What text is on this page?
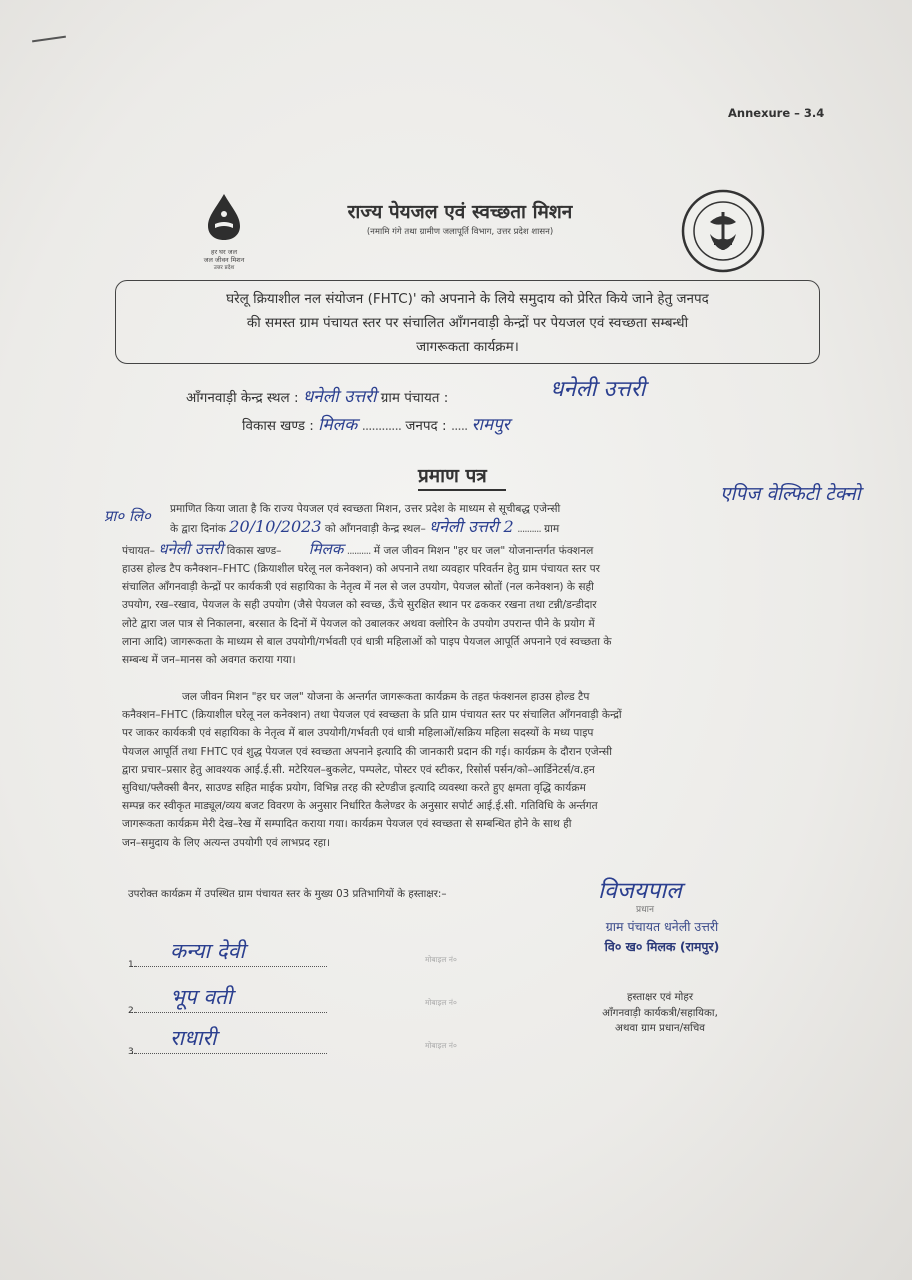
Annexure – 3.4
हर घर जल
जल जीवन मिशन
उत्तर प्रदेश
राज्य पेयजल एवं स्वच्छता मिशन
(नमामि गंगे तथा ग्रामीण जलापूर्ति विभाग, उत्तर प्रदेश शासन)
घरेलू क्रियाशील नल संयोजन (FHTC)' को अपनाने के लिये समुदाय को प्रेरित किये जाने हेतु जनपद
की समस्त ग्राम पंचायत स्तर पर संचालित आँगनवाड़ी केन्द्रों पर पेयजल एवं स्वच्छता सम्बन्धी
जागरूकता कार्यक्रम।
आँगनवाड़ी केन्द्र स्थल : धनेली उत्तरी ग्राम पंचायत :	धनेली उत्तरी
विकास खण्ड : मिलक ............ जनपद : ..... रामपुर
प्रमाण पत्र
एपिज वेल्फिटी टेक्नो
प्रा० लि० प्रमाणित किया जाता है कि राज्य पेयजल एवं स्वच्छता मिशन, उत्तर प्रदेश के माध्यम से सूचीबद्ध एजेन्सी
के द्वारा दिनांक 20/10/2023 को आँगनवाड़ी केन्द्र स्थल– धनेली उत्तरी 2 .......... ग्राम
पंचायत– धनेली उत्तरी विकास खण्ड– मिलक .......... में जल जीवन मिशन "हर घर जल" योजनान्तर्गत फंक्शनल
हाउस होल्ड टैप कनैक्शन–FHTC (क्रियाशील घरेलू नल कनेक्शन) को अपनाने तथा व्यवहार परिवर्तन हेतु ग्राम पंचायत स्तर पर
संचालित आँगनवाड़ी केन्द्रों पर कार्यकत्री एवं सहायिका के नेतृत्व में नल से जल उपयोग, पेयजल स्रोतों (नल कनेक्शन) के सही
उपयोग, रख–रखाव, पेयजल के सही उपयोग (जैसे पेयजल को स्वच्छ, ऊँचे सुरक्षित स्थान पर ढककर रखना तथा टन्नी/डन्डीदार
लोटे द्वारा जल पात्र से निकालना, बरसात के दिनों में पेयजल को उबालकर अथवा क्लोरिन के उपयोग उपरान्त पीने के प्रयोग में
लाना आदि) जागरूकता के माध्यम से बाल उपयोगी/गर्भवती एवं धात्री महिलाओं को पाइप पेयजल आपूर्ति अपनाने एवं स्वच्छता के
सम्बन्ध में जन–मानस को अवगत कराया गया।
जल जीवन मिशन "हर घर जल" योजना के अन्तर्गत जागरूकता कार्यक्रम के तहत फंक्शनल हाउस होल्ड टैप
कनैक्शन–FHTC (क्रियाशील घरेलू नल कनेक्शन) तथा पेयजल एवं स्वच्छता के प्रति ग्राम पंचायत स्तर पर संचालित आँगनवाड़ी केन्द्रों
पर जाकर कार्यकत्री एवं सहायिका के नेतृत्व में बाल उपयोगी/गर्भवती एवं धात्री महिलाओं/सक्रिय महिला सदस्यों के मध्य पाइप
पेयजल आपूर्ति तथा FHTC एवं शुद्ध पेयजल एवं स्वच्छता अपनाने इत्यादि की जानकारी प्रदान की गई। कार्यक्रम के दौरान एजेन्सी
द्वारा प्रचार–प्रसार हेतु आवश्यक आई.ई.सी. मटेरियल–बुकलेट, पम्पलेट, पोस्टर एवं स्टीकर, रिसोर्स पर्सन/को–आर्डिनेटर्स/व.हन
सुविधा/फ्लैक्सी बैनर, साउण्ड सहित माईक प्रयोग, विभिन्न तरह की स्टेण्डीज इत्यादि व्यवस्था करते हुए क्षमता वृद्धि कार्यक्रम
सम्पन्न कर स्वीकृत माड्यूल/व्यय बजट विवरण के अनुसार निर्धारित कैलेण्डर के अनुसार सपोर्ट आई.ई.सी. गतिविधि के अर्न्तगत
जागरूकता कार्यक्रम मेरी देख–रेख में सम्पादित कराया गया। कार्यक्रम पेयजल एवं स्वच्छता से सम्बन्धित होने के साथ ही
जन–समुदाय के लिए अत्यन्त उपयोगी एवं लाभप्रद रहा।
उपरोक्त कार्यक्रम में उपस्थित ग्राम पंचायत स्तर के मुख्य 03 प्रतिभागियों के हस्ताक्षर:–
1.
कन्या देवी	मोबाइल नं०
2.
भूप वती	मोबाइल नं०
3.
राधारी	मोबाइल नं०
विजयपाल
प्रधान
ग्राम पंचायत धनेली उत्तरी
वि० ख० मिलक (रामपुर)
हस्ताक्षर एवं मोहर
आँगनवाड़ी कार्यकत्री/सहायिका,
अथवा ग्राम प्रधान/सचिव
